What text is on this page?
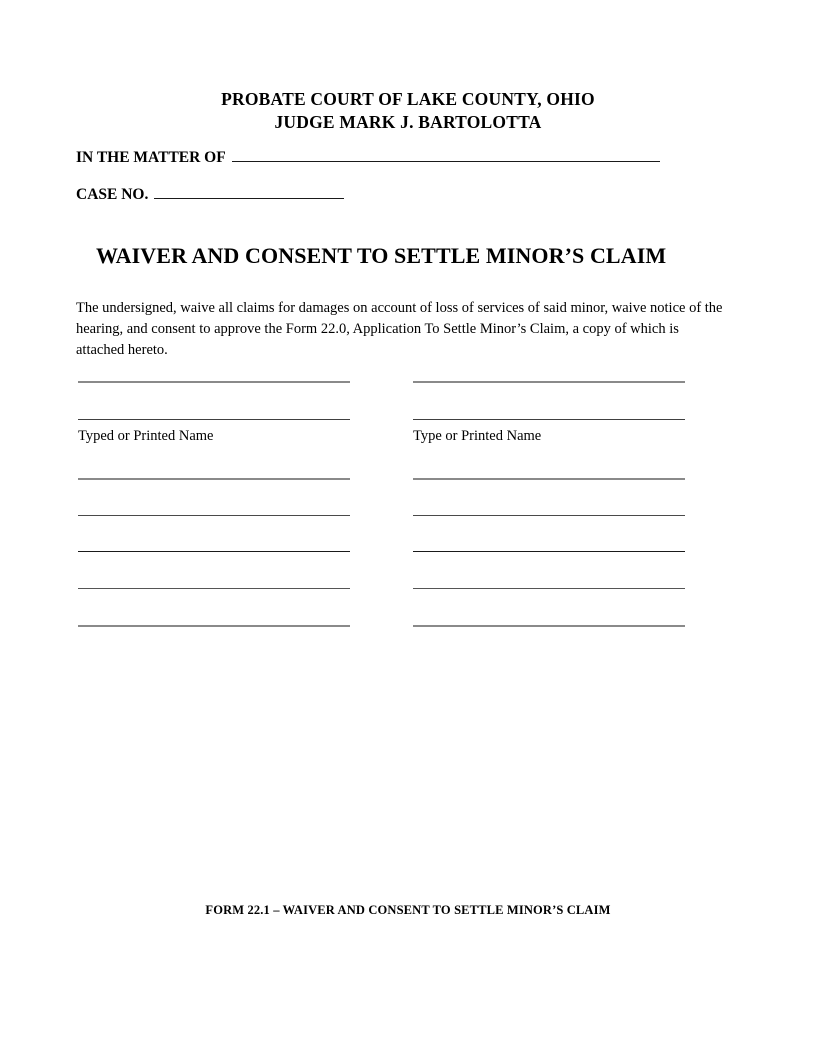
PROBATE COURT OF LAKE COUNTY, OHIO
JUDGE MARK J. BARTOLOTTA
IN THE MATTER OF
CASE NO.
WAIVER AND CONSENT TO SETTLE MINOR’S CLAIM
The undersigned, waive all claims for damages on account of loss of services of said minor, waive notice of the hearing, and consent to approve the Form 22.0, Application To Settle Minor’s Claim, a copy of which is attached hereto.
Typed or Printed Name	Type or Printed Name
FORM 22.1 – WAIVER AND CONSENT TO SETTLE MINOR’S CLAIM
